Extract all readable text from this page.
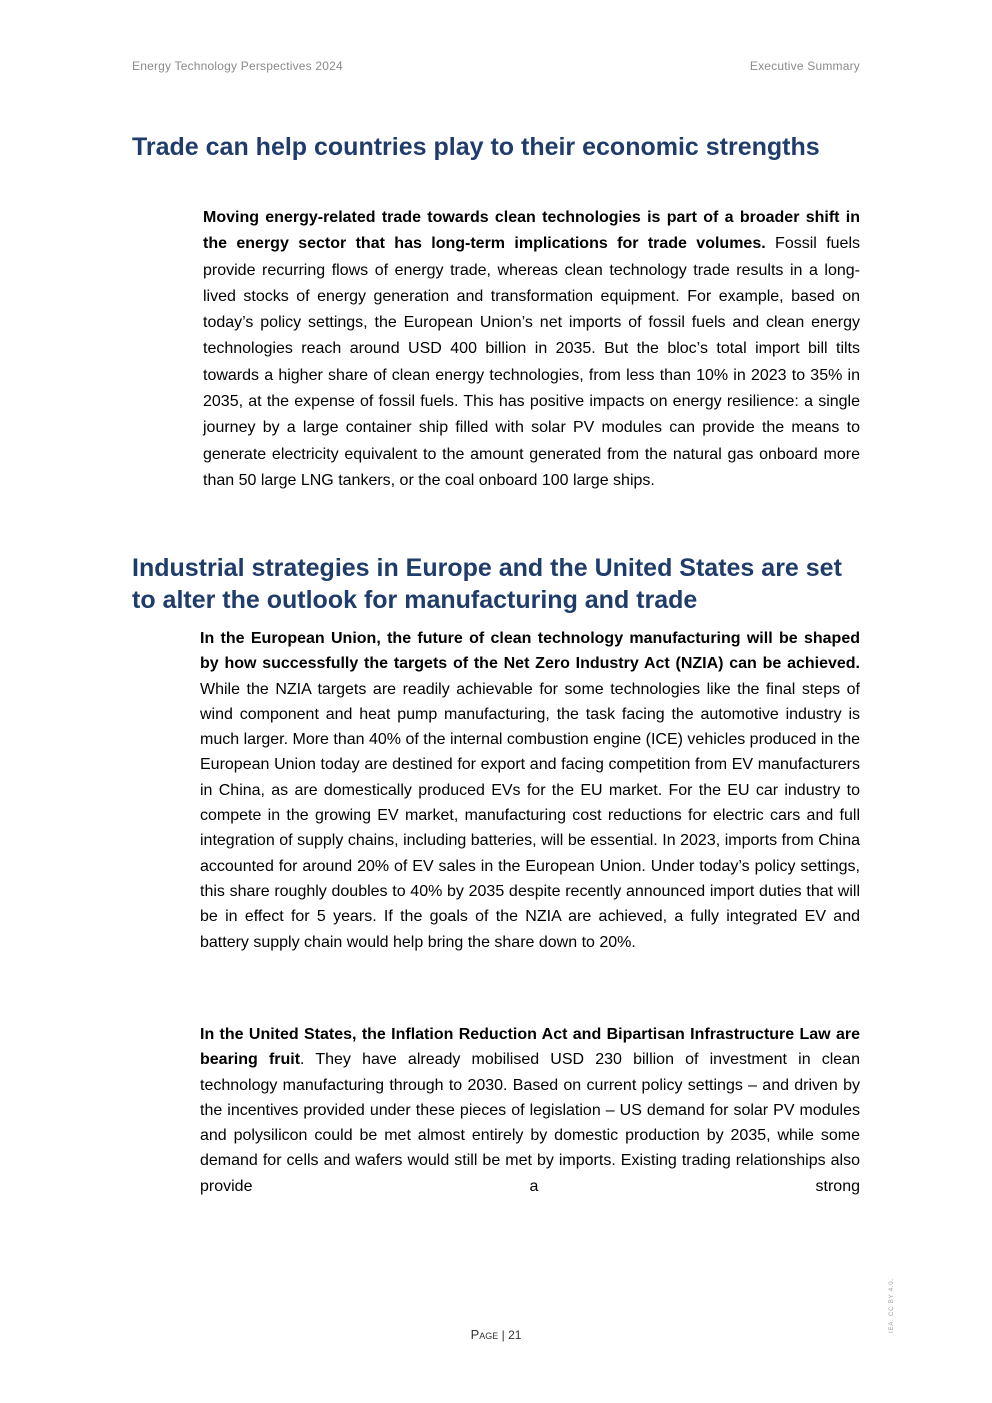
Energy Technology Perspectives 2024	Executive Summary
Trade can help countries play to their economic strengths

Moving energy-related trade towards clean technologies is part of a broader shift in the energy sector that has long-term implications for trade volumes. Fossil fuels provide recurring flows of energy trade, whereas clean technology trade results in a long-lived stocks of energy generation and transformation equipment. For example, based on today’s policy settings, the European Union’s net imports of fossil fuels and clean energy technologies reach around USD 400 billion in 2035. But the bloc’s total import bill tilts towards a higher share of clean energy technologies, from less than 10% in 2023 to 35% in 2035, at the expense of fossil fuels. This has positive impacts on energy resilience: a single journey by a large container ship filled with solar PV modules can provide the means to generate electricity equivalent to the amount generated from the natural gas onboard more than 50 large LNG tankers, or the coal onboard 100 large ships.

Industrial strategies in Europe and the United States are set to alter the outlook for manufacturing and trade

In the European Union, the future of clean technology manufacturing will be shaped by how successfully the targets of the Net Zero Industry Act (NZIA) can be achieved. While the NZIA targets are readily achievable for some technologies like the final steps of wind component and heat pump manufacturing, the task facing the automotive industry is much larger. More than 40% of the internal combustion engine (ICE) vehicles produced in the European Union today are destined for export and facing competition from EV manufacturers in China, as are domestically produced EVs for the EU market. For the EU car industry to compete in the growing EV market, manufacturing cost reductions for electric cars and full integration of supply chains, including batteries, will be essential. In 2023, imports from China accounted for around 20% of EV sales in the European Union. Under today’s policy settings, this share roughly doubles to 40% by 2035 despite recently announced import duties that will be in effect for 5 years. If the goals of the NZIA are achieved, a fully integrated EV and battery supply chain would help bring the share down to 20%.

In the United States, the Inflation Reduction Act and Bipartisan Infrastructure Law are bearing fruit. They have already mobilised USD 230 billion of investment in clean technology manufacturing through to 2030. Based on current policy settings – and driven by the incentives provided under these pieces of legislation – US demand for solar PV modules and polysilicon could be met almost entirely by domestic production by 2035, while some demand for cells and wafers would still be met by imports. Existing trading relationships also provide a strong

Page | 21
IEA. CC BY 4.0.
